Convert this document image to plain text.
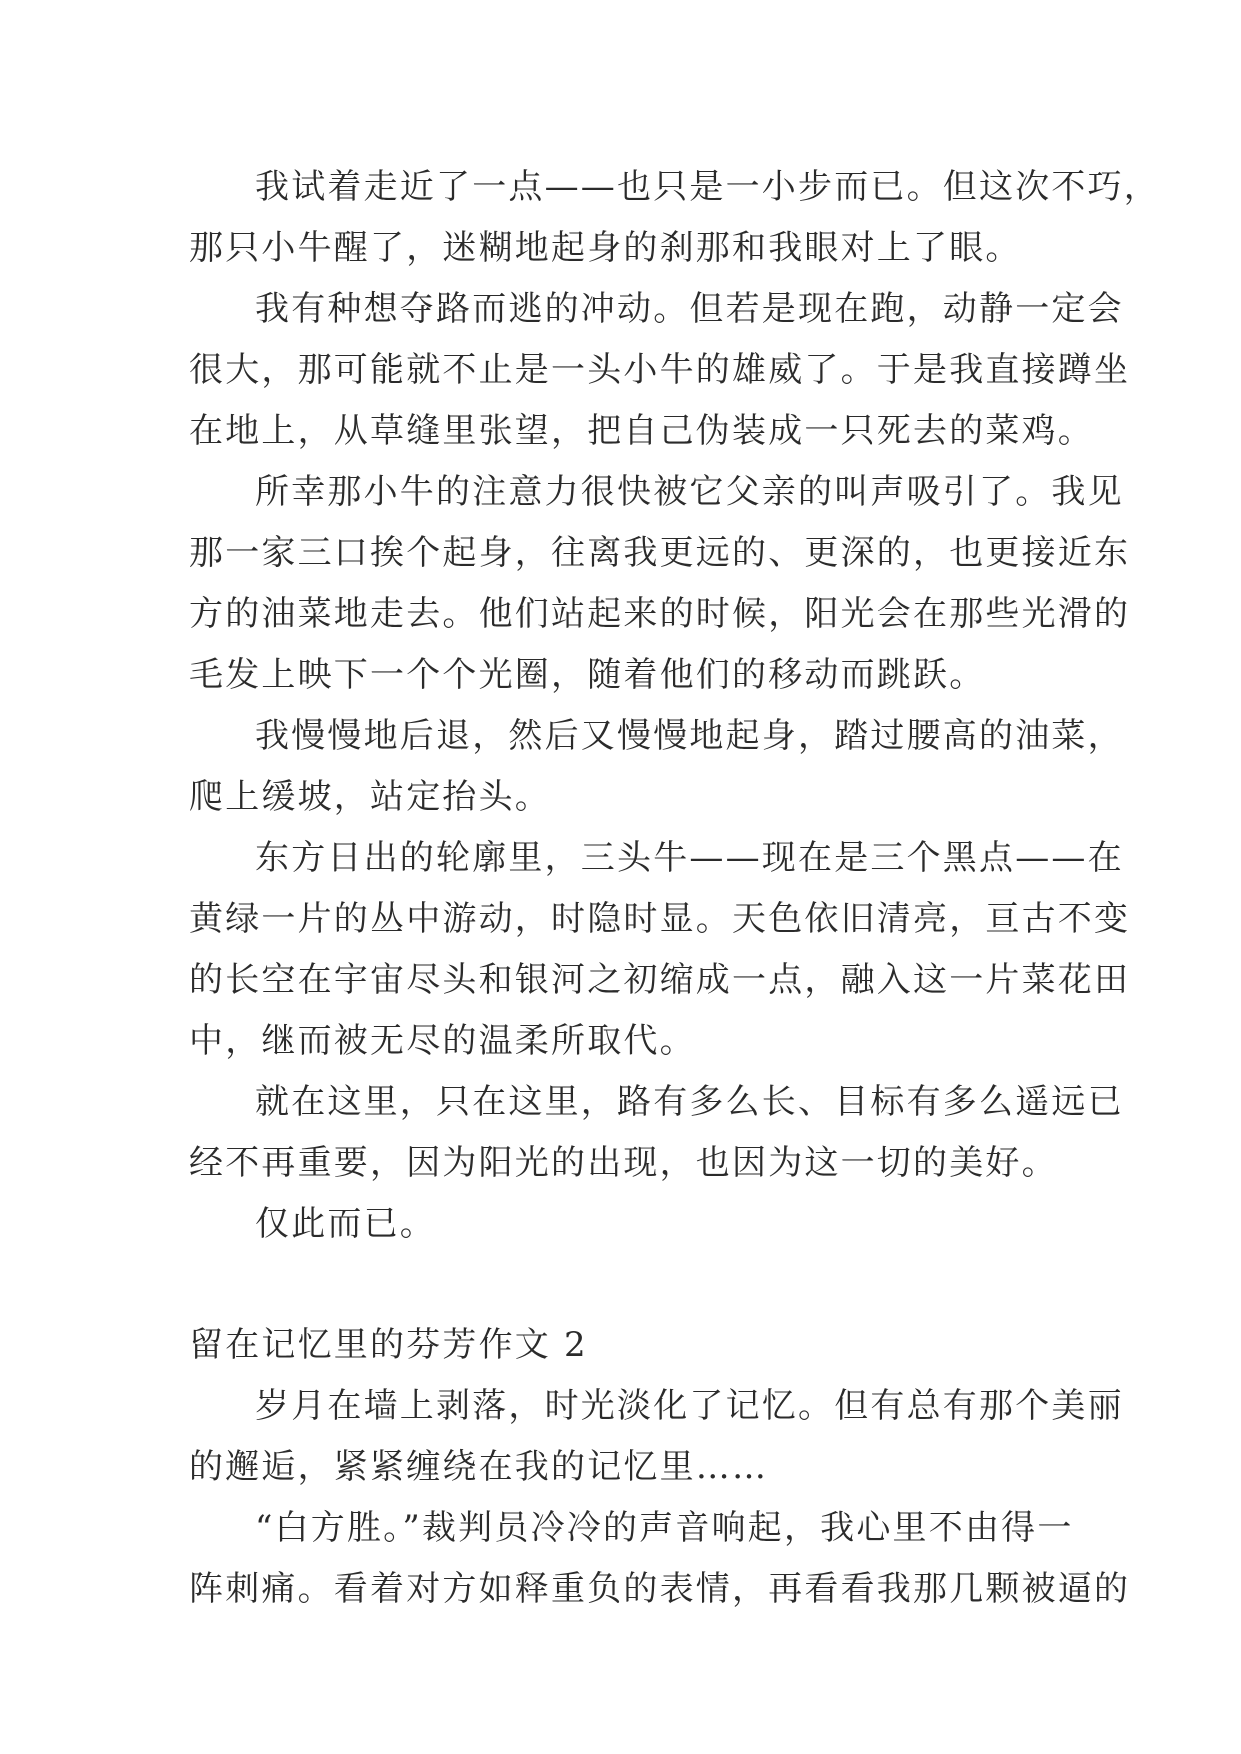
我试着走近了一点——也只是一小步而已。但这次不巧，
那只小牛醒了，迷糊地起身的刹那和我眼对上了眼。
我有种想夺路而逃的冲动。但若是现在跑，动静一定会
很大，那可能就不止是一头小牛的雄威了。于是我直接蹲坐
在地上，从草缝里张望，把自己伪装成一只死去的菜鸡。
所幸那小牛的注意力很快被它父亲的叫声吸引了。我见
那一家三口挨个起身，往离我更远的、更深的，也更接近东
方的油菜地走去。他们站起来的时候，阳光会在那些光滑的
毛发上映下一个个光圈，随着他们的移动而跳跃。
我慢慢地后退，然后又慢慢地起身，踏过腰高的油菜，
爬上缓坡，站定抬头。
东方日出的轮廓里，三头牛——现在是三个黑点——在
黄绿一片的丛中游动，时隐时显。天色依旧清亮，亘古不变
的长空在宇宙尽头和银河之初缩成一点，融入这一片菜花田
中，继而被无尽的温柔所取代。
就在这里，只在这里，路有多么长、目标有多么遥远已
经不再重要，因为阳光的出现，也因为这一切的美好。
仅此而已。
留在记忆里的芬芳作文 2
岁月在墙上剥落，时光淡化了记忆。但有总有那个美丽
的邂逅，紧紧缠绕在我的记忆里……
“白方胜。”裁判员冷冷的声音响起，我心里不由得一
阵刺痛。看着对方如释重负的表情，再看看我那几颗被逼的
